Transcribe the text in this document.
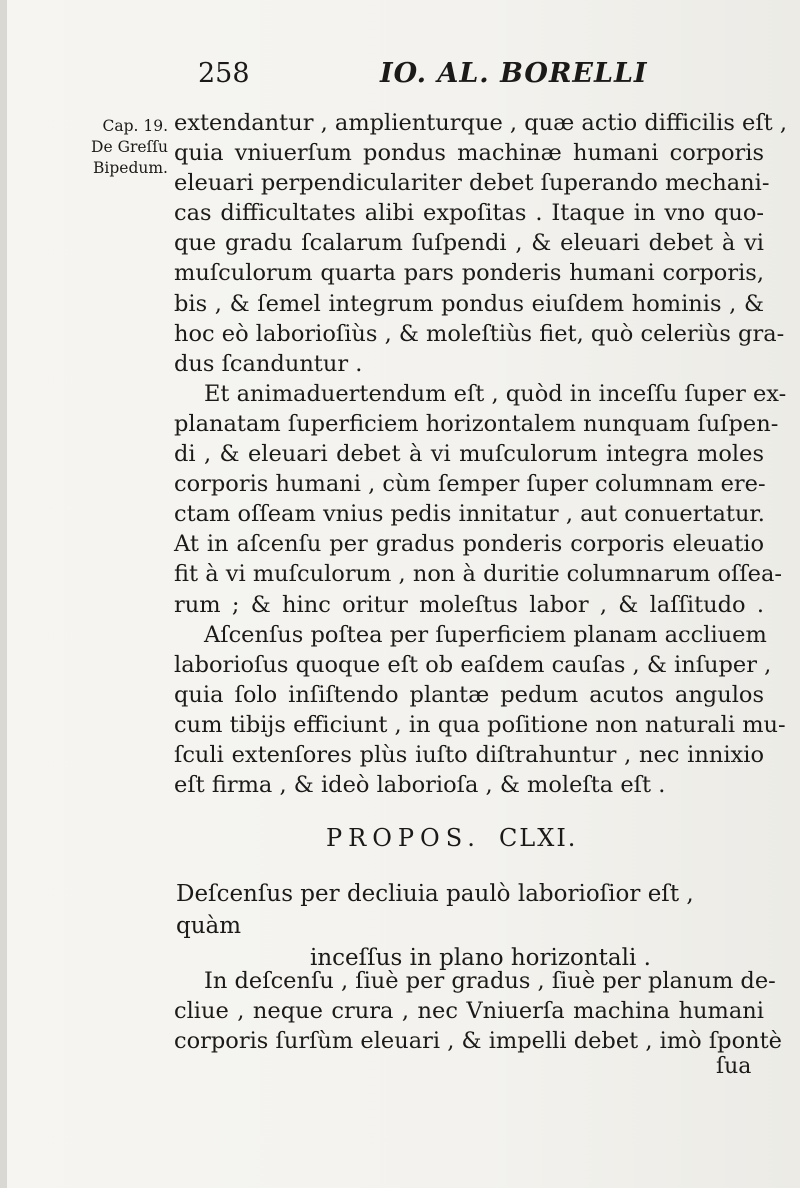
258	IO. AL. BORELLI
Cap. 19.
De Greſſu
Bipedum.
extendantur , amplienturque , quæ actio difficilis eſt ,
quia vniuerſum pondus machinæ humani corporis
eleuari perpendiculariter debet ſuperando mechani-
cas difficultates alibi expoſitas . Itaque in vno quo-
que gradu ſcalarum ſuſpendi , & eleuari debet à vi
muſculorum quarta pars ponderis humani corporis,
bis , & ſemel integrum pondus eiuſdem hominis , &
hoc eò laborioſiùs , & moleſtiùs fiet, quò celeriùs gra-
dus ſcanduntur .
Et animaduertendum eſt , quòd in inceſſu ſuper ex-
planatam ſuperficiem horizontalem nunquam ſuſpen-
di , & eleuari debet à vi muſculorum integra moles
corporis humani , cùm ſemper ſuper columnam ere-
ctam oſſeam vnius pedis innitatur , aut conuertatur.
At in aſcenſu per gradus ponderis corporis eleuatio
fit à vi muſculorum , non à duritie columnarum oſſea-
rum ; & hinc oritur moleſtus labor , & laſſitudo .
Aſcenſus poſtea per ſuperficiem planam accliuem
laborioſus quoque eſt ob eaſdem cauſas , & inſuper ,
quia ſolo inſiſtendo plantæ pedum acutos angulos
cum tibijs efficiunt , in qua poſitione non naturali mu-
ſculi extenſores plùs iuſto diſtrahuntur , nec innixio
eſt firma , & ideò laborioſa , & moleſta eſt .
PROPOS. CLXI.
Deſcenſus per decliuia paulò laborioſior eſt , quàm
inceſſus in plano horizontali .
In deſcenſu , ſiuè per gradus , ſiuè per planum de-
cliue , neque crura , nec Vniuerſa machina humani
corporis ſurſùm eleuari , & impelli debet , imò ſpontè
ſua
